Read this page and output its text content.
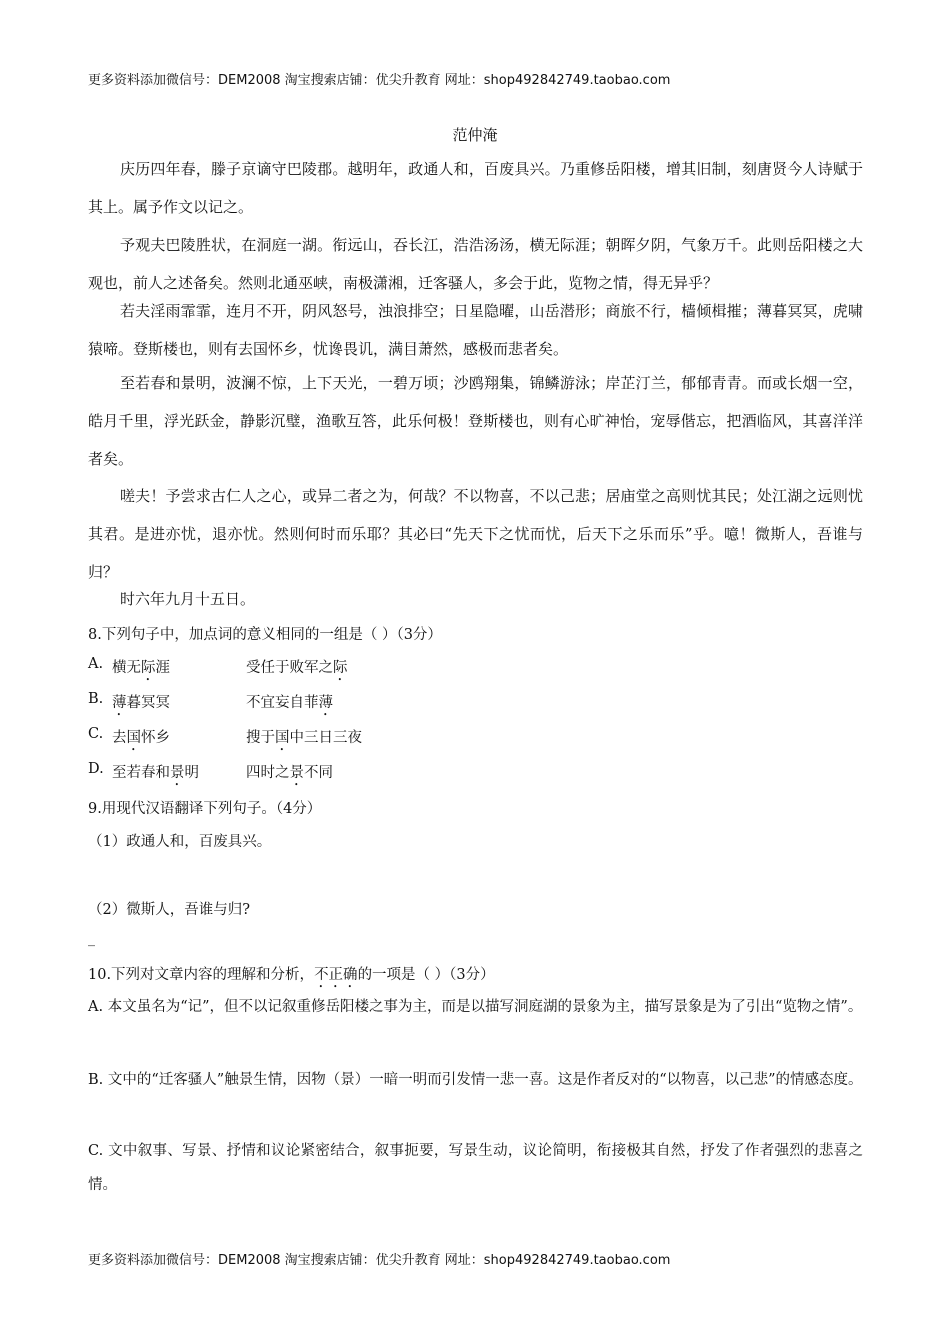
更多资料添加微信号：DEM2008 淘宝搜索店铺：优尖升教育 网址：shop492842749.taobao.com
范仲淹
庆历四年春，滕子京谪守巴陵郡。越明年，政通人和，百废具兴。乃重修岳阳楼，增其旧制，刻唐贤今人诗赋于其上。属予作文以记之。
予观夫巴陵胜状，在洞庭一湖。衔远山，吞长江，浩浩汤汤，横无际涯；朝晖夕阴，气象万千。此则岳阳楼之大观也，前人之述备矣。然则北通巫峡，南极潇湘，迁客骚人，多会于此，览物之情，得无异乎？
若夫淫雨霏霏，连月不开，阴风怒号，浊浪排空；日星隐曜，山岳潜形；商旅不行，樯倾楫摧；薄暮冥冥，虎啸猿啼。登斯楼也，则有去国怀乡，忧谗畏讥，满目萧然，感极而悲者矣。
至若春和景明，波澜不惊，上下天光，一碧万顷；沙鸥翔集，锦鳞游泳；岸芷汀兰，郁郁青青。而或长烟一空，皓月千里，浮光跃金，静影沉璧，渔歌互答，此乐何极！登斯楼也，则有心旷神怡，宠辱偕忘，把酒临风，其喜洋洋者矣。
嗟夫！予尝求古仁人之心，或异二者之为，何哉？不以物喜，不以己悲；居庙堂之高则忧其民；处江湖之远则忧其君。是进亦忧，退亦忧。然则何时而乐耶？其必曰“先天下之忧而忧，后天下之乐而乐”乎。噫！微斯人，吾谁与归？
时六年九月十五日。
8.下列句子中，加点词的意义相同的一组是（ ）（3分）
A. 横无际涯	受任于败军之际
B. 薄暮冥冥	不宜妄自菲薄
C. 去国怀乡	搜于国中三日三夜
D. 至若春和景明	四时之景不同
9.用现代汉语翻译下列句子。（4分）
（1）政通人和，百废具兴。
（2）微斯人，吾谁与归?
_
10.下列对文章内容的理解和分析，不正确的一项是（ ）（3分）
A. 本文虽名为“记”，但不以记叙重修岳阳楼之事为主，而是以描写洞庭湖的景象为主，描写景象是为了引出“览物之情”。
B. 文中的“迁客骚人”触景生情，因物（景）一暗一明而引发情一悲一喜。这是作者反对的“以物喜，以己悲”的情感态度。
C. 文中叙事、写景、抒情和议论紧密结合，叙事扼要，写景生动，议论简明，衔接极其自然，抒发了作者强烈的悲喜之情。
更多资料添加微信号：DEM2008 淘宝搜索店铺：优尖升教育 网址：shop492842749.taobao.com
